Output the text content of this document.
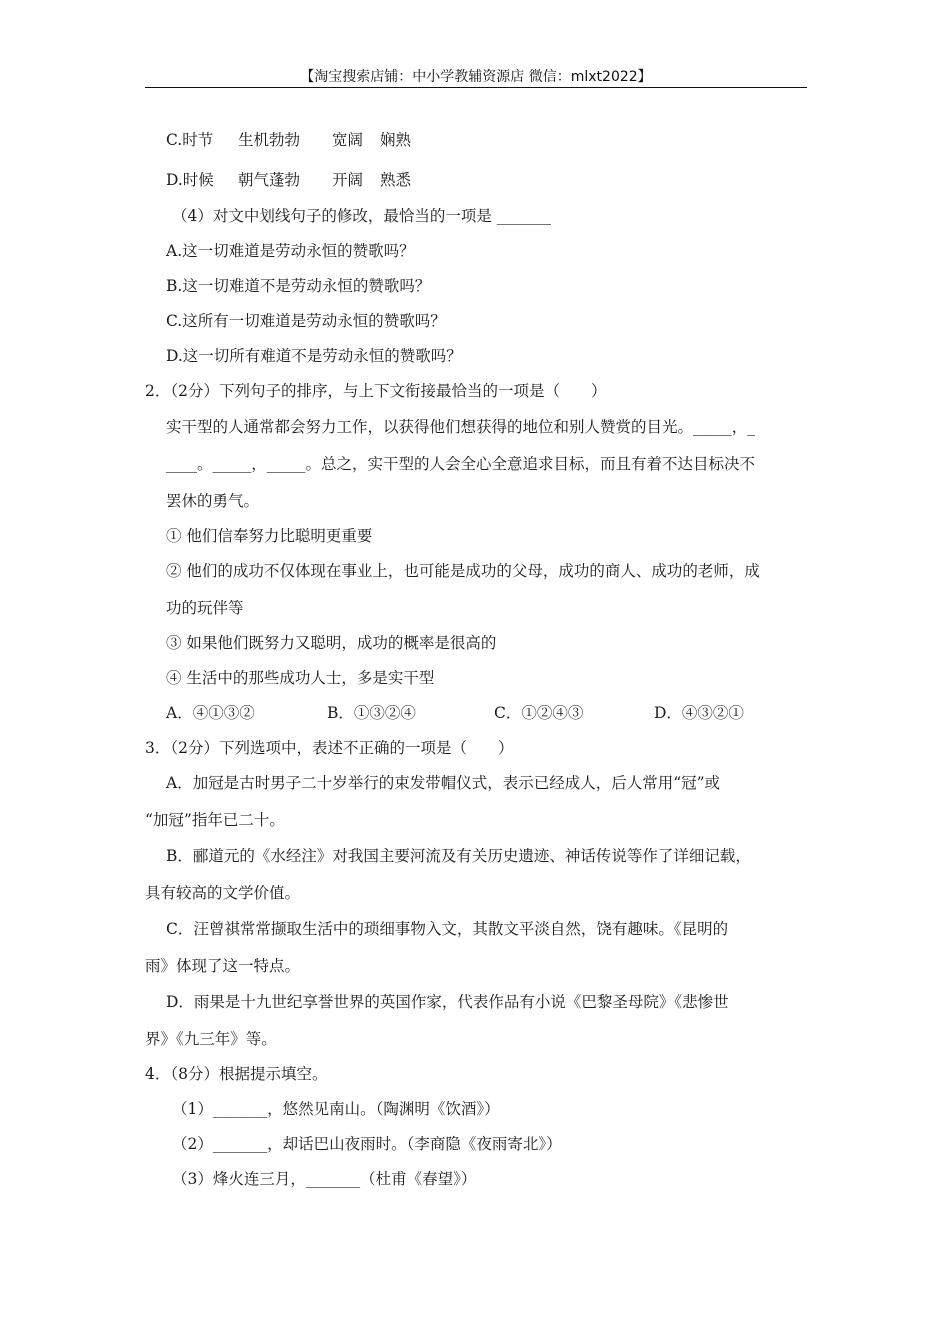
【淘宝搜索店铺：中小学教辅资源店 微信：mlxt2022】
C.时节 生机勃勃 宽阔 娴熟
D.时候 朝气蓬勃 开阔 熟悉
（4）对文中划线句子的修改，最恰当的一项是 _______
A.这一切难道是劳动永恒的赞歌吗？
B.这一切难道不是劳动永恒的赞歌吗？
C.这所有一切难道是劳动永恒的赞歌吗？
D.这一切所有难道不是劳动永恒的赞歌吗？
2．（2分）下列句子的排序，与上下文衔接最恰当的一项是（　　）
实干型的人通常都会努力工作，以获得他们想获得的地位和别人赞赏的目光。_____，_
____。_____，_____。总之，实干型的人会全心全意追求目标，而且有着不达目标决不
罢休的勇气。
① 他们信奉努力比聪明更重要
② 他们的成功不仅体现在事业上，也可能是成功的父母，成功的商人、成功的老师，成
功的玩伴等
③ 如果他们既努力又聪明，成功的概率是很高的
④ 生活中的那些成功人士，多是实干型
A．④①③②	B．①③②④	C．①②④③	D．④③②①
3．（2分）下列选项中，表述不正确的一项是（　　）
A．加冠是古时男子二十岁举行的束发带帽仪式，表示已经成人，后人常用“冠”或
“加冠”指年已二十。
B．郦道元的《水经注》对我国主要河流及有关历史遗迹、神话传说等作了详细记载，
具有较高的文学价值。
C．汪曾祺常常撷取生活中的琐细事物入文，其散文平淡自然，饶有趣味。《昆明的
雨》体现了这一特点。
D．雨果是十九世纪享誉世界的英国作家，代表作品有小说《巴黎圣母院》《悲惨世
界》《九三年》等。
4．（8分）根据提示填空。
（1）_______，悠然见南山。（陶渊明《饮酒》）
（2）_______，却话巴山夜雨时。（李商隐《夜雨寄北》）
（3）烽火连三月，_______（杜甫《春望》）
